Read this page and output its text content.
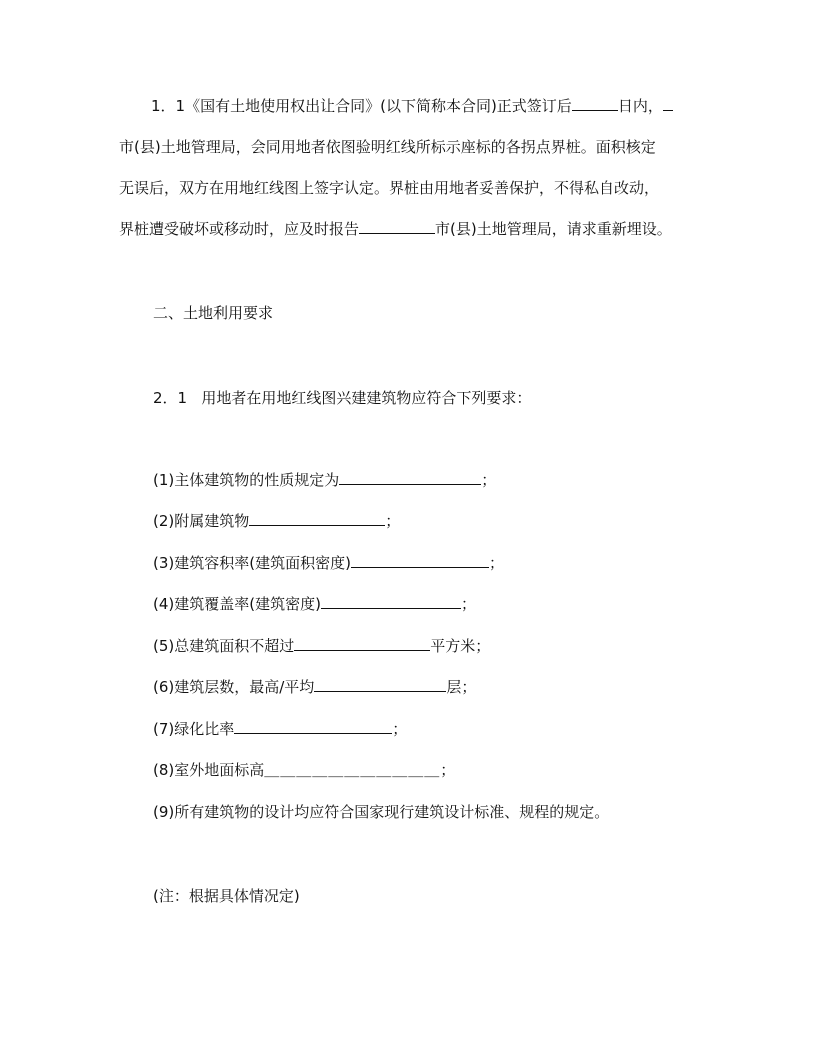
1．1《国有土地使用权出让合同》(以下简称本合同)正式签订后	日内，
市(县)土地管理局，会同用地者依图验明红线所标示座标的各拐点界桩。面积核定
无误后，双方在用地红线图上签字认定。界桩由用地者妥善保护，不得私自改动，
界桩遭受破坏或移动时，应及时报告	市(县)土地管理局，请求重新埋设。

二、土地利用要求

2．1 用地者在用地红线图兴建建筑物应符合下列要求：

(1)主体建筑物的性质规定为	；

(2)附属建筑物	；

(3)建筑容积率(建筑面积密度)	；

(4)建筑覆盖率(建筑密度)	；

(5)总建筑面积不超过	平方米；

(6)建筑层数，最高/平均	层；

(7)绿化比率	；

(8)室外地面标高＿＿＿＿＿＿＿＿＿＿＿；

(9)所有建筑物的设计均应符合国家现行建筑设计标准、规程的规定。

(注：根据具体情况定)
